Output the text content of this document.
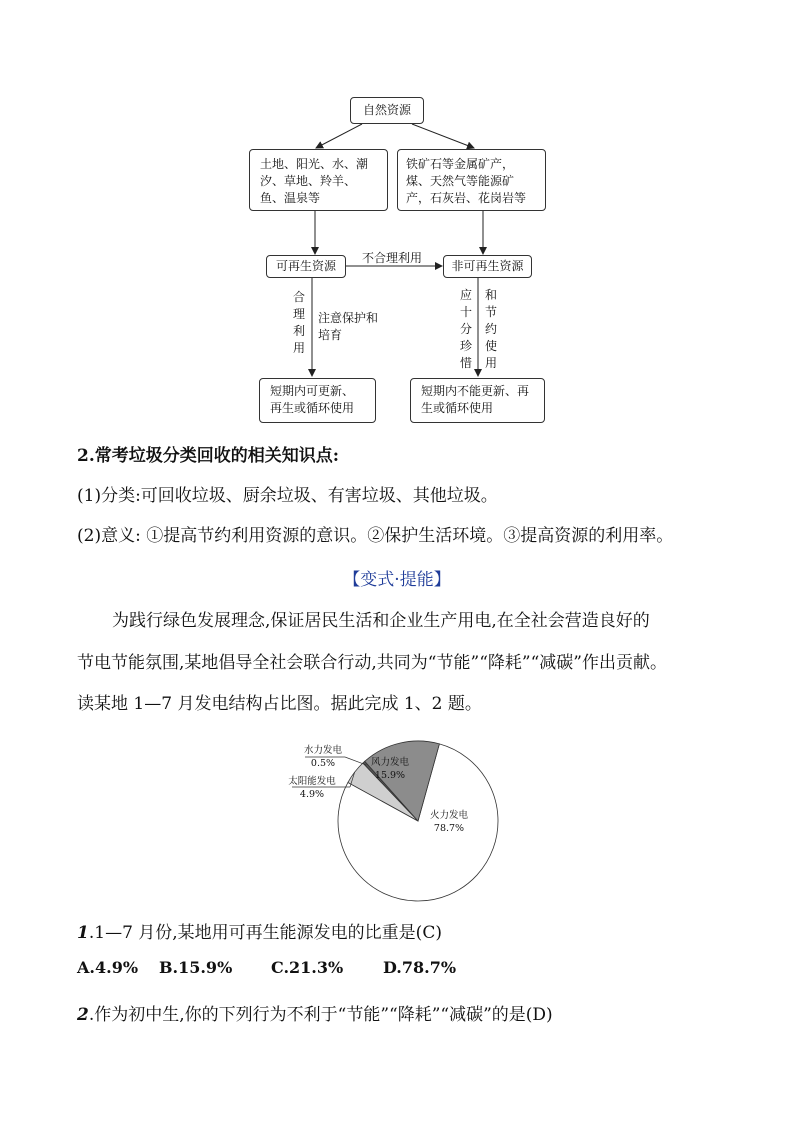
自然资源
土地、阳光、水、潮汐、草地、羚羊、鱼、温泉等
铁矿石等金属矿产，煤、天然气等能源矿产，石灰岩、花岗岩等
可再生资源	非可再生资源
不合理利用
合理利用
注意保护和培育
应十分珍惜
和节约使用
短期内可更新、再生或循环使用
短期内不能更新、再生或循环使用
2.常考垃圾分类回收的相关知识点:
(1)分类:可回收垃圾、厨余垃圾、有害垃圾、其他垃圾。
(2)意义: ①提高节约利用资源的意识。②保护生活环境。③提高资源的利用率。
【变式·提能】
为践行绿色发展理念,保证居民生活和企业生产用电,在全社会营造良好的
节电节能氛围,某地倡导全社会联合行动,共同为“节能”“降耗”“减碳”作出贡献。
读某地 1—7 月发电结构占比图。据此完成 1、2 题。
火力发电
78.7%
风力发电
15.9%
太阳能发电
4.9%
水力发电
0.5%
1.1—7 月份,某地用可再生能源发电的比重是(C)
A.4.9% B.15.9% C.21.3% D.78.7%
2.作为初中生,你的下列行为不利于“节能”“降耗”“减碳”的是(D)
